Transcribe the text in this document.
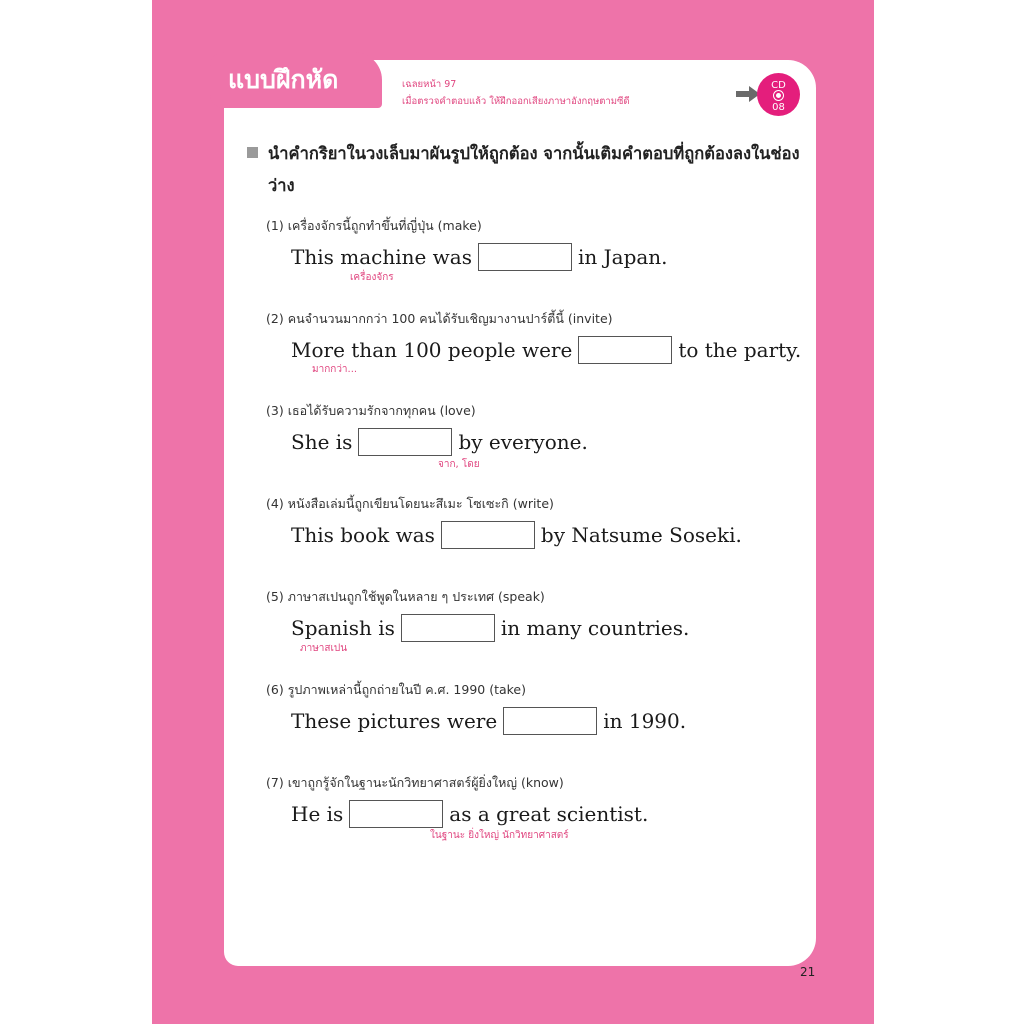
แบบฝึกหัด	เฉลยหน้า 97
เมื่อตรวจคำตอบแล้ว ให้ฝึกออกเสียงภาษาอังกฤษตามซีดี
CD
08
นำคำกริยาในวงเล็บมาผันรูปให้ถูกต้อง จากนั้นเติมคำตอบที่ถูกต้องลงในช่องว่าง
(1) เครื่องจักรนี้ถูกทำขึ้นที่ญี่ปุ่น (make)
This machine was	in Japan.
เครื่องจักร
(2) คนจำนวนมากกว่า 100 คนได้รับเชิญมางานปาร์ตี้นี้ (invite)
More than 100 people were	to the party.
มากกว่า...
(3) เธอได้รับความรักจากทุกคน (love)
She is	by everyone.
จาก, โดย
(4) หนังสือเล่มนี้ถูกเขียนโดยนะสึเมะ โซเซะกิ (write)
This book was	by Natsume Soseki.
(5) ภาษาสเปนถูกใช้พูดในหลาย ๆ ประเทศ (speak)
Spanish is	in many countries.
ภาษาสเปน
(6) รูปภาพเหล่านี้ถูกถ่ายในปี ค.ศ. 1990 (take)
These pictures were	in 1990.
(7) เขาถูกรู้จักในฐานะนักวิทยาศาสตร์ผู้ยิ่งใหญ่ (know)
He is	as a great scientist.
ในฐานะ ยิ่งใหญ่ นักวิทยาศาสตร์
21
